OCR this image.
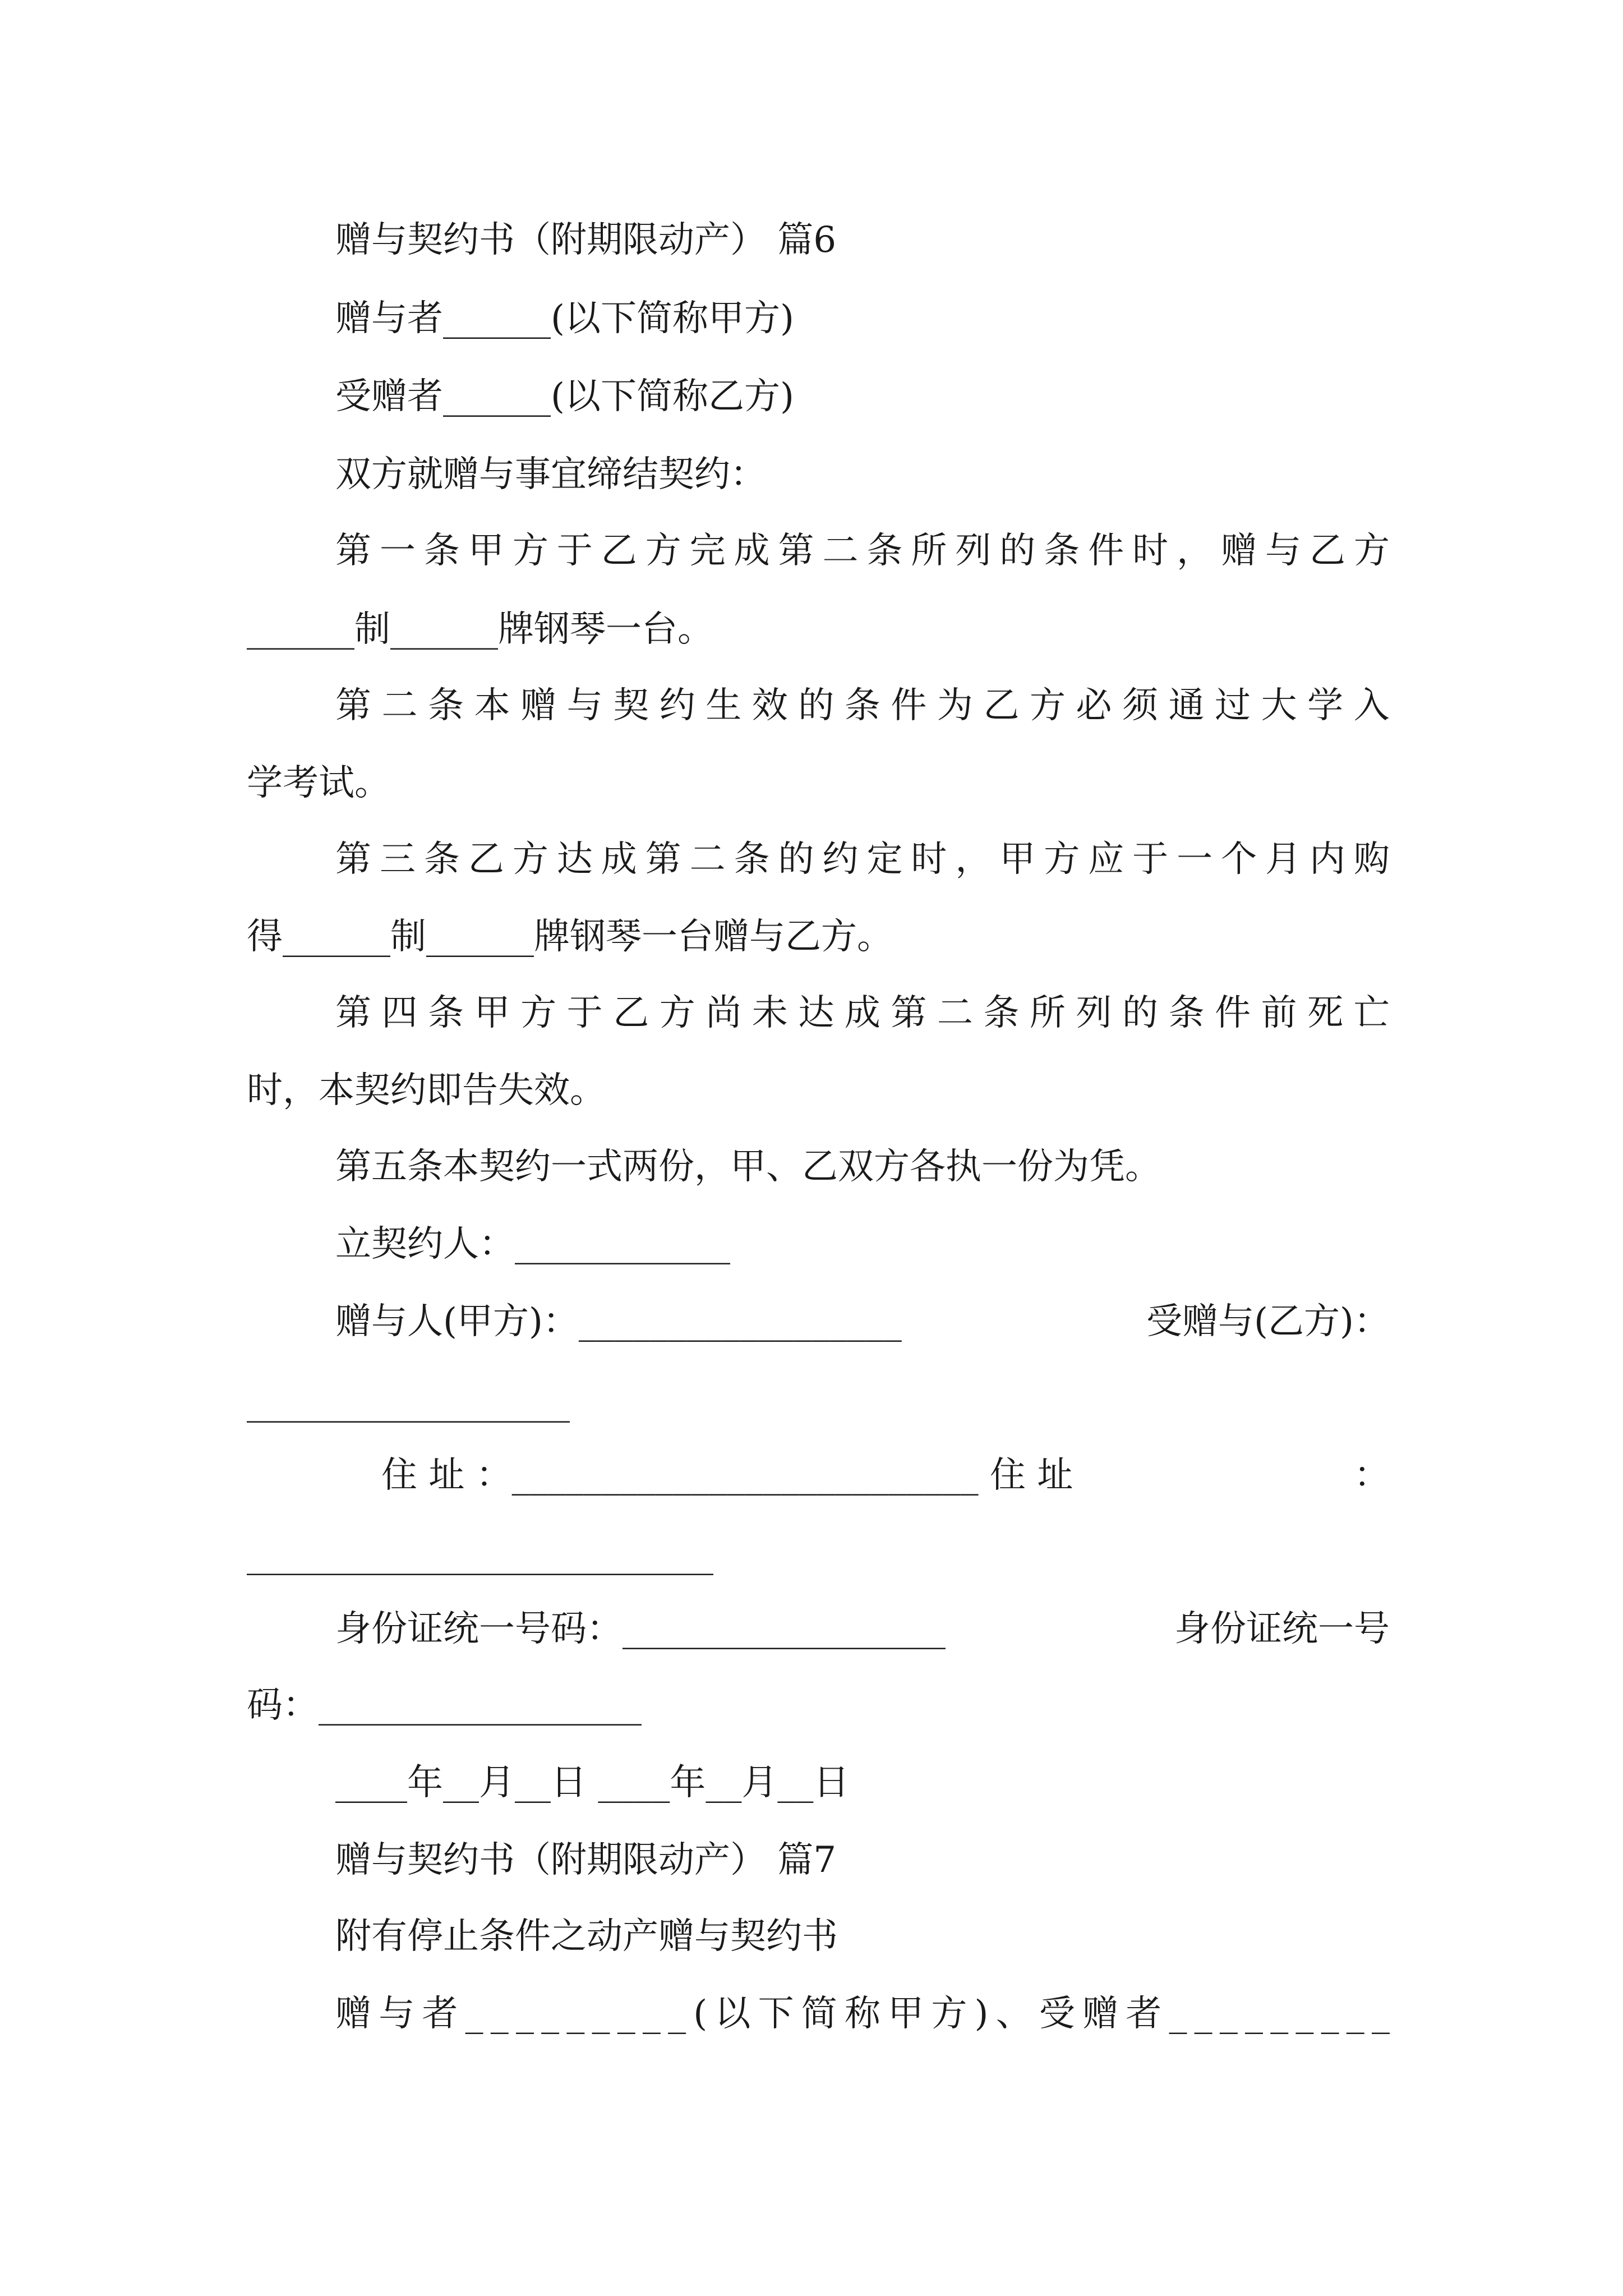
赠与契约书（附期限动产） 篇6
赠与者______(以下简称甲方)
受赠者______(以下简称乙方)
双方就赠与事宜缔结契约：
第 一 条 甲 方 于 乙 方 完 成 第 二 条 所 列 的 条 件 时 ， 赠 与 乙 方
______制______牌钢琴一台。
第 二 条 本 赠 与 契 约 生 效 的 条 件 为 乙 方 必 须 通 过 大 学 入
学考试。
第 三 条 乙 方 达 成 第 二 条 的 约 定 时 ， 甲 方 应 于 一 个 月 内 购
得______制______牌钢琴一台赠与乙方。
第 四 条 甲 方 于 乙 方 尚 未 达 成 第 二 条 所 列 的 条 件 前 死 亡
时，本契约即告失效。
第五条本契约一式两份，甲、乙双方各执一份为凭。
立契约人：____________
赠与人(甲方)：__________________	受赠与(乙方)：
住 址 ：__________________________ 住 址	：
身份证统一号码：__________________	身份证统一号
码：__________________
____年__月__日 ____年__月__日
赠与契约书（附期限动产） 篇7
附有停止条件之动产赠与契约书
赠 与 者 _ _ _ _ _ _ _ _ _ ( 以 下 简 称 甲 方 ) 、 受 赠 者 _ _ _ _ _ _ _ _ _
__________________
__________________________
